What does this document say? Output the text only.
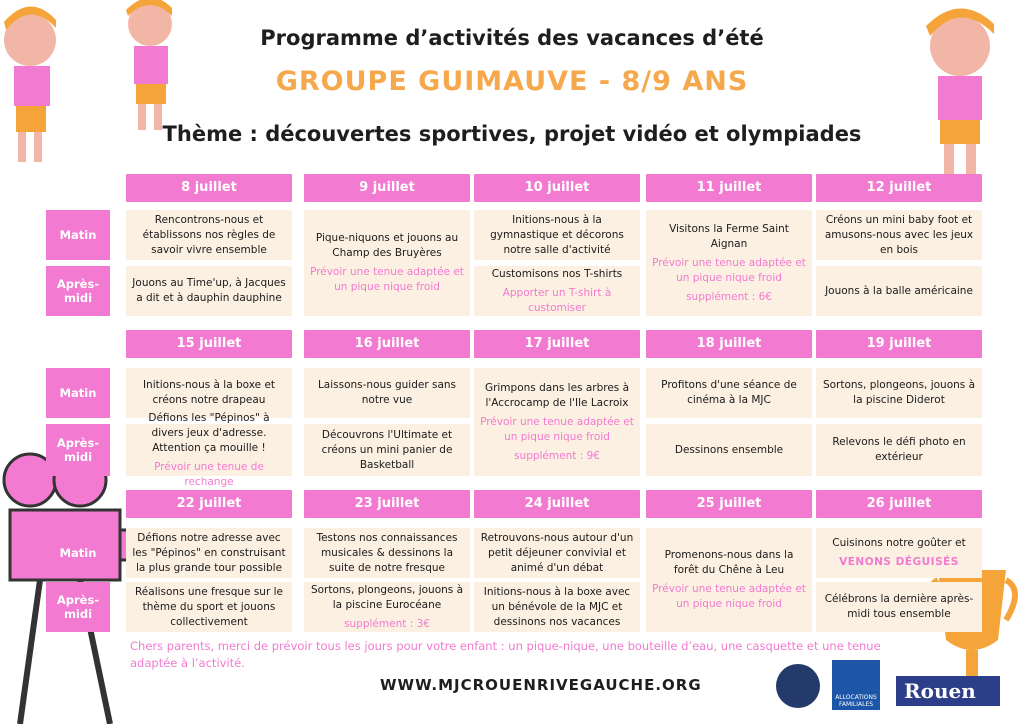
Programme d’activités des vacances d’été
GROUPE GUIMAUVE - 8/9 ANS
Thème : découvertes sportives, projet vidéo et olympiades
Matin
Après-midi
8 juillet
Rencontrons-nous et établissons nos règles de savoir vivre ensemble
Jouons au Time'up, à Jacques a dit et à dauphin dauphine
9 juillet
Pique-niquons et jouons au Champ des Bruyères
Prévoir une tenue adaptée et un pique nique froid
10 juillet
Initions-nous à la gymnastique et décorons notre salle d'activité
Customisons nos T-shirts
Apporter un T-shirt à customiser
11 juillet
Visitons la Ferme Saint Aignan
Prévoir une tenue adaptée et un pique nique froid
supplément : 6€
12 juillet
Créons un mini baby foot et amusons-nous avec les jeux en bois
Jouons à la balle américaine
Matin
Après-midi
15 juillet
Initions-nous à la boxe et créons notre drapeau
Défions les "Pépinos" à divers jeux d'adresse. Attention ça mouille !
Prévoir une tenue de rechange
16 juillet
Laissons-nous guider sans notre vue
Découvrons l'Ultimate et créons un mini panier de Basketball
17 juillet
Grimpons dans les arbres à l'Accrocamp de l'Ile Lacroix
Prévoir une tenue adaptée et un pique nique froid
supplément : 9€
18 juillet
Profitons d'une séance de cinéma à la MJC
Dessinons ensemble
19 juillet
Sortons, plongeons, jouons à la piscine Diderot
Relevons le défi photo en extérieur
Matin
Après-midi
22 juillet
Défions notre adresse avec les "Pépinos" en construisant la plus grande tour possible
Réalisons une fresque sur le thème du sport et jouons collectivement
23 juillet
Testons nos connaissances musicales & dessinons la suite de notre fresque
Sortons, plongeons, jouons à la piscine Eurocéane
supplément : 3€
24 juillet
Retrouvons-nous autour d'un petit déjeuner convivial et animé d'un débat
Initions-nous à la boxe avec un bénévole de la MJC et dessinons nos vacances
25 juillet
Promenons-nous dans la forêt du Chêne à Leu
Prévoir une tenue adaptée et un pique nique froid
26 juillet
Cuisinons notre goûter et
VENONS DÉGUISÉS
Célébrons la dernière après-midi tous ensemble
Chers parents, merci de prévoir tous les jours pour votre enfant : un pique-nique, une bouteille d’eau, une casquette et une tenue adaptée à l’activité.
WWW.MJCROUENRIVEGAUCHE.ORG
ALLOCATIONS FAMILIALES
Rouen
